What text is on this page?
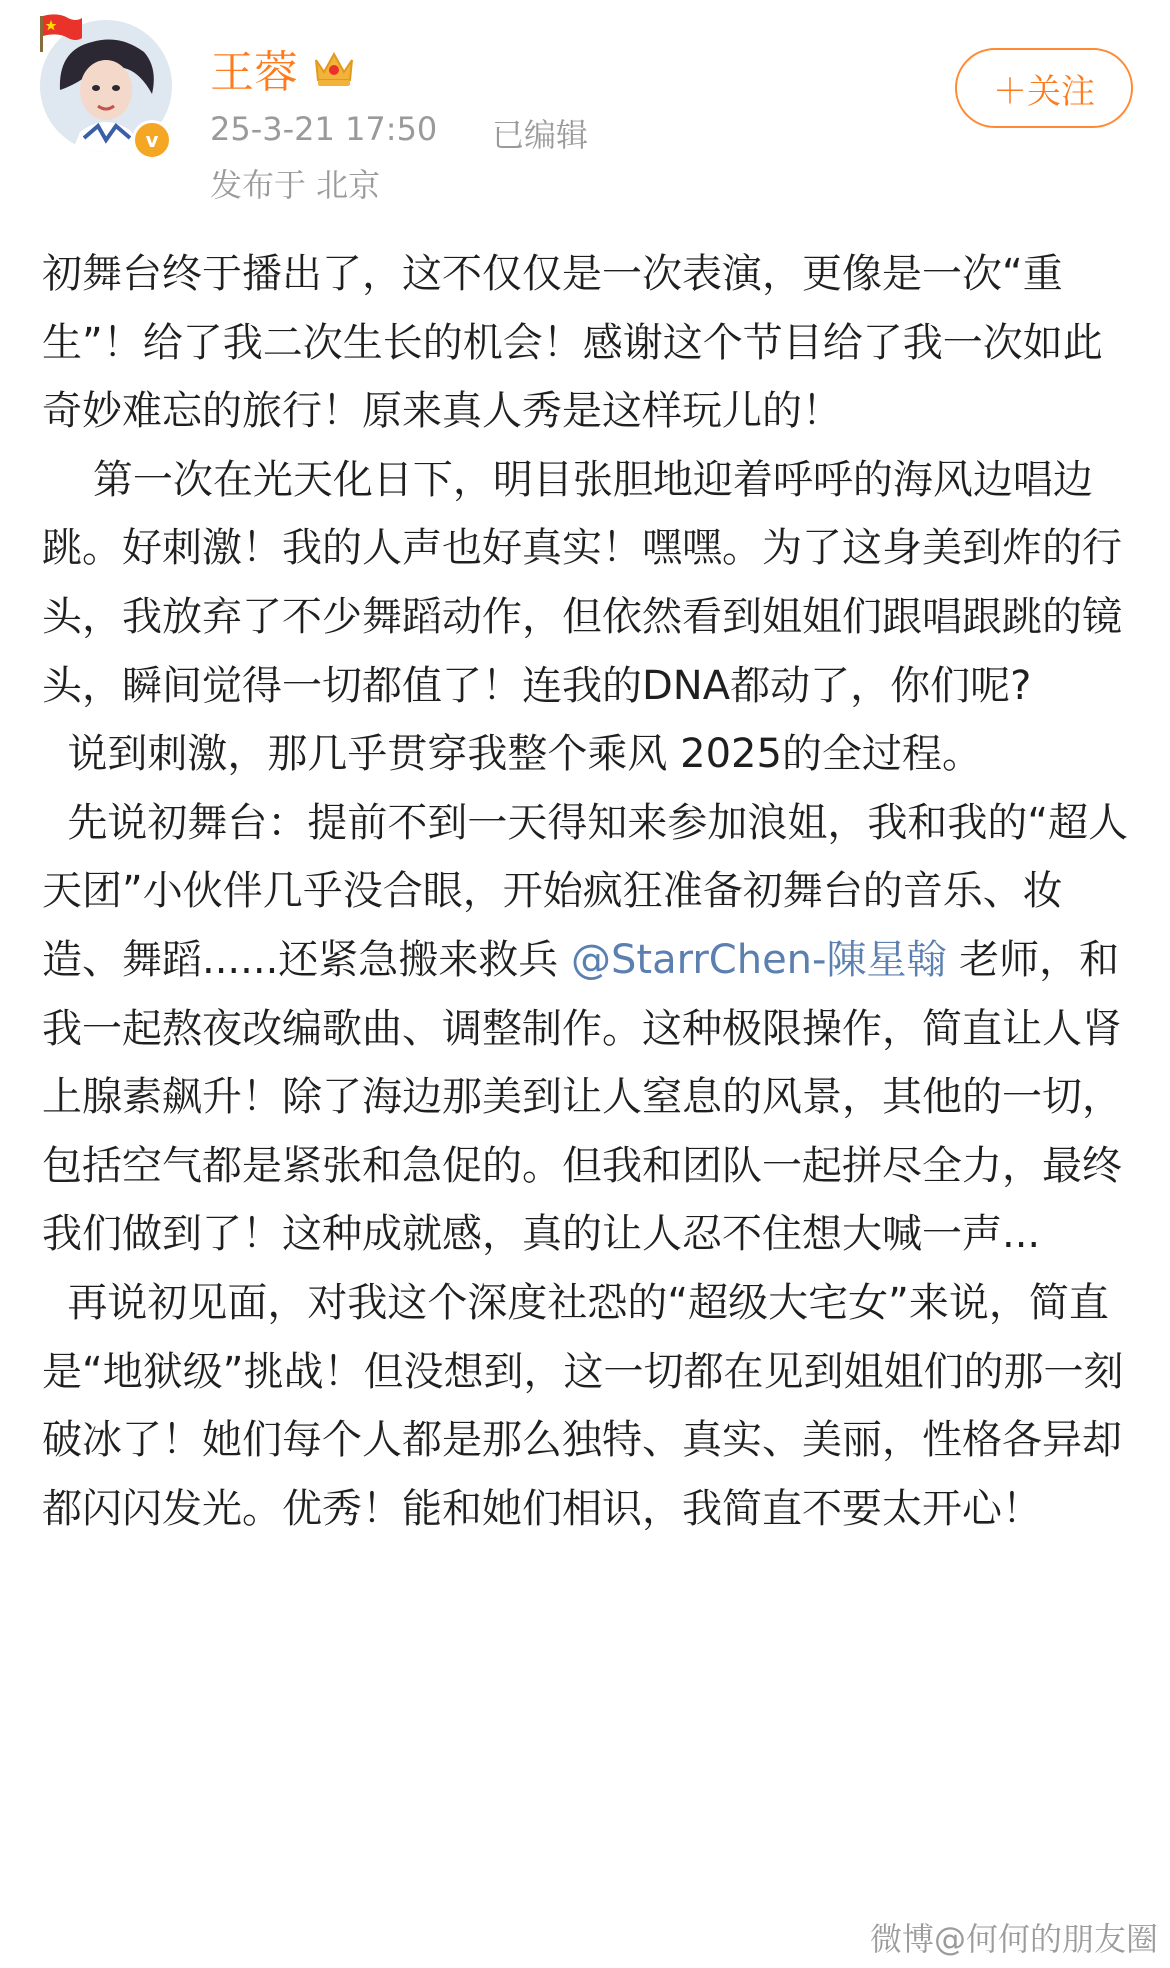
v
王蓉
25-3-21 17:50 已编辑
发布于 北京
＋关注

初舞台终于播出了，这不仅仅是一次表演，更像是一次“重生”！给了我二次生长的机会！感谢这个节目给了我一次如此奇妙难忘的旅行！原来真人秀是这样玩儿的！

第一次在光天化日下，明目张胆地迎着呼呼的海风边唱边跳。好刺激！我的人声也好真实！嘿嘿。为了这身美到炸的行头，我放弃了不少舞蹈动作，但依然看到姐姐们跟唱跟跳的镜头，瞬间觉得一切都值了！连我的DNA都动了，你们呢?

说到刺激，那几乎贯穿我整个乘风 2025的全过程。

先说初舞台：提前不到一天得知来参加浪姐，我和我的“超人天团”小伙伴几乎没合眼，开始疯狂准备初舞台的音乐、妆造、舞蹈......还紧急搬来救兵 @StarrChen-陳星翰 老师，和我一起熬夜改编歌曲、调整制作。这种极限操作，简直让人肾上腺素飙升！除了海边那美到让人窒息的风景，其他的一切，包括空气都是紧张和急促的。但我和团队一起拼尽全力，最终我们做到了！这种成就感，真的让人忍不住想大喊一声...

再说初见面，对我这个深度社恐的“超级大宅女”来说，简直是“地狱级”挑战！但没想到，这一切都在见到姐姐们的那一刻破冰了！她们每个人都是那么独特、真实、美丽，性格各异却都闪闪发光。优秀！能和她们相识，我简直不要太开心！

微博@何何的朋友圈
